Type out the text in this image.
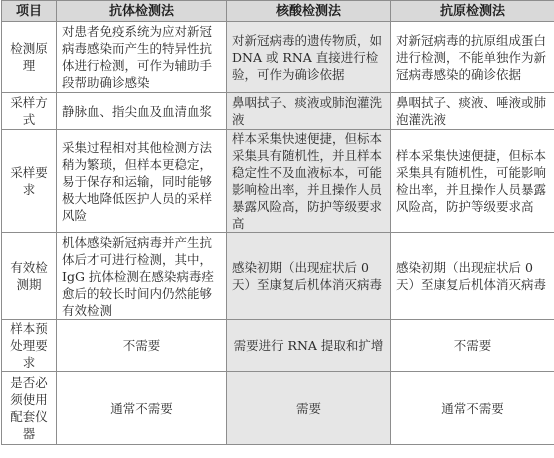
项目	抗体检测法	核酸检测法	抗原检测法
检测原理	对患者免疫系统为应对新冠病毒感染而产生的特异性抗体进行检测，可作为辅助手段帮助确诊感染	对新冠病毒的遗传物质，如 DNA 或 RNA 直接进行检验，可作为确诊依据	对新冠病毒的抗原组成蛋白进行检测，不能单独作为新冠病毒感染的确诊依据
采样方式	静脉血、指尖血及血清血浆	鼻咽拭子、痰液或肺泡灌洗液	鼻咽拭子、痰液、唾液或肺泡灌洗液
采样要求	采集过程相对其他检测方法稍为繁琐，但样本更稳定，易于保存和运输，同时能够极大地降低医护人员的采样风险	样本采集快速便捷，但标本采集具有随机性，并且样本稳定性不及血液标本，可能影响检出率，并且操作人员暴露风险高，防护等级要求高	样本采集快速便捷，但标本采集具有随机性，可能影响检出率，并且操作人员暴露风险高，防护等级要求高
有效检测期	机体感染新冠病毒并产生抗体后才可进行检测，其中，IgG 抗体检测在感染病毒痊愈后的较长时间内仍然能够有效检测	感染初期（出现症状后 0 天）至康复后机体消灭病毒	感染初期（出现症状后 0 天）至康复后机体消灭病毒
样本预处理要求	不需要	需要进行 RNA 提取和扩增	不需要
是否必须使用配套仪器	通常不需要	需要	通常不需要
